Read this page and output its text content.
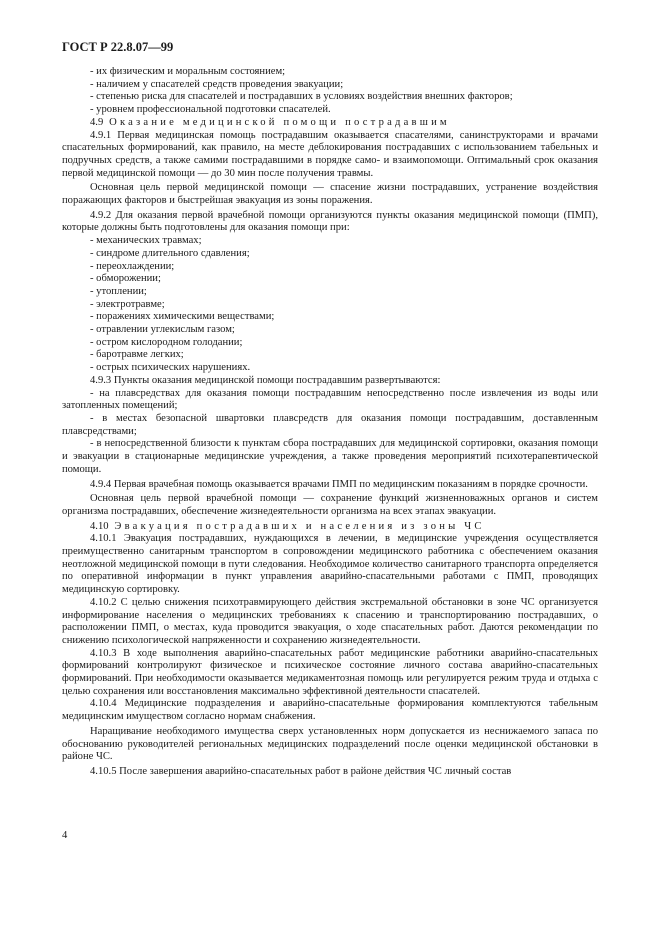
ГОСТ Р 22.8.07—99

- их физическим и моральным состоянием;

- наличием у спасателей средств проведения эвакуации;

- степенью риска для спасателей и пострадавших в условиях воздействия внешних факторов;

- уровнем профессиональной подготовки спасателей.

4.9 Оказание медицинской помощи пострадавшим

4.9.1 Первая медицинская помощь пострадавшим оказывается спасателями, санинструкторами и врачами спасательных формирований, как правило, на месте деблокирования пострадавших с использованием табельных и подручных средств, а также самими пострадавшими в порядке само- и взаимопомощи. Оптимальный срок оказания первой медицинской помощи — до 30 мин после получения травмы.

Основная цель первой медицинской помощи — спасение жизни пострадавших, устранение воздействия поражающих факторов и быстрейшая эвакуация из зоны поражения.

4.9.2 Для оказания первой врачебной помощи организуются пункты оказания медицинской помощи (ПМП), которые должны быть подготовлены для оказания помощи при:

- механических травмах;

- синдроме длительного сдавления;

- переохлаждении;

- обморожении;

- утоплении;

- электротравме;

- поражениях химическими веществами;

- отравлении углекислым газом;

- остром кислородном голодании;

- баротравме легких;

- острых психических нарушениях.

4.9.3 Пункты оказания медицинской помощи пострадавшим развертываются:

- на плавсредствах для оказания помощи пострадавшим непосредственно после извлечения из воды или затопленных помещений;

- в местах безопасной швартовки плавсредств для оказания помощи пострадавшим, доставленным плавсредствами;

- в непосредственной близости к пунктам сбора пострадавших для медицинской сортировки, оказания помощи и эвакуации в стационарные медицинские учреждения, а также проведения мероприятий психотерапевтической помощи.

4.9.4 Первая врачебная помощь оказывается врачами ПМП по медицинским показаниям в порядке срочности.

Основная цель первой врачебной помощи — сохранение функций жизненноважных органов и систем организма пострадавших, обеспечение жизнедеятельности организма на всех этапах эвакуации.

4.10 Эвакуация пострадавших и населения из зоны ЧС

4.10.1 Эвакуация пострадавших, нуждающихся в лечении, в медицинские учреждения осуществляется преимущественно санитарным транспортом в сопровождении медицинского работника с обеспечением оказания неотложной медицинской помощи в пути следования. Необходимое количество санитарного транспорта определяется по оперативной информации в пункт управления аварийно-спасательными работами с ПМП, проводящих медицинскую сортировку.

4.10.2 С целью снижения психотравмирующего действия экстремальной обстановки в зоне ЧС организуется информирование населения о медицинских требованиях к спасению и транспортированию пострадавших, о расположении ПМП, о местах, куда проводится эвакуация, о ходе спасательных работ. Даются рекомендации по снижению психологической напряженности и сохранению жизнедеятельности.

4.10.3 В ходе выполнения аварийно-спасательных работ медицинские работники аварийно-спасательных формирований контролируют физическое и психическое состояние личного состава аварийно-спасательных формирований. При необходимости оказывается медикаментозная помощь или регулируется режим труда и отдыха с целью сохранения или восстановления максимально эффективной деятельности спасателей.

4.10.4 Медицинские подразделения и аварийно-спасательные формирования комплектуются табельным медицинским имуществом согласно нормам снабжения.

Наращивание необходимого имущества сверх установленных норм допускается из неснижаемого запаса по обоснованию руководителей региональных медицинских подразделений после оценки медицинской обстановки в районе ЧС.

4.10.5 После завершения аварийно-спасательных работ в районе действия ЧС личный состав

4
